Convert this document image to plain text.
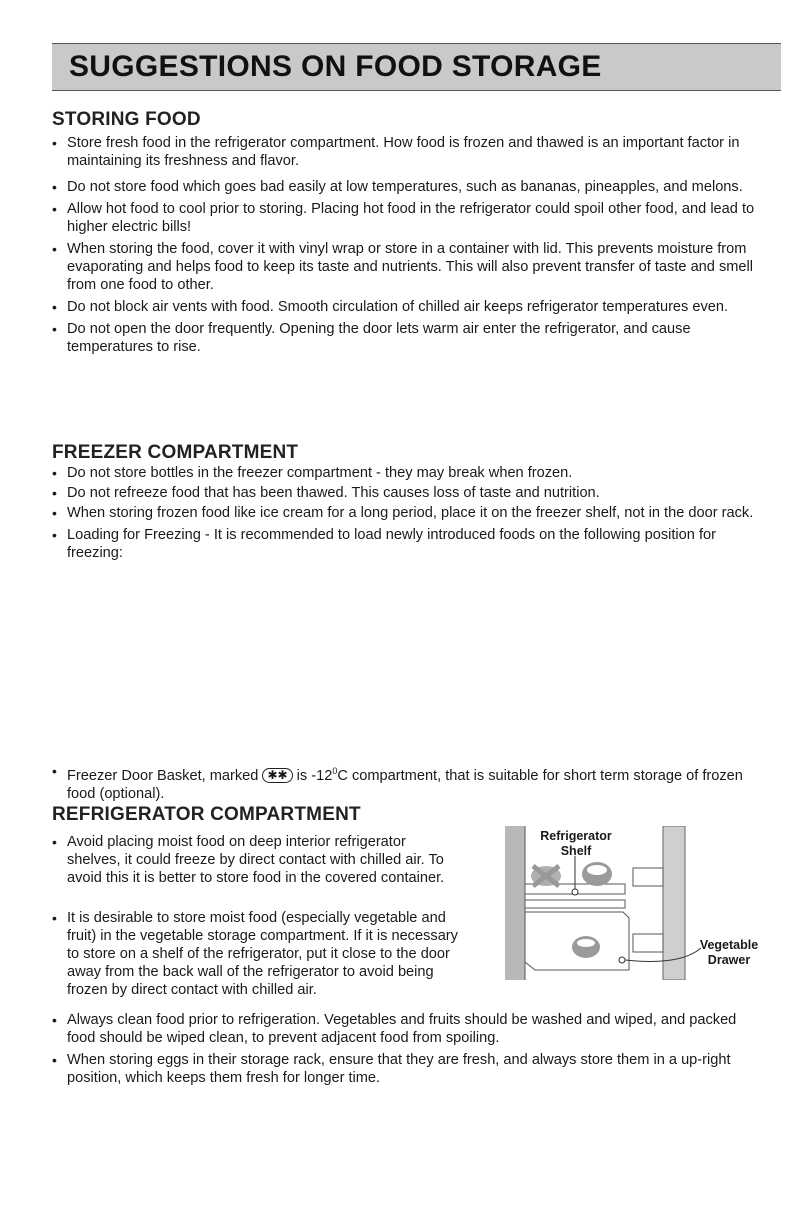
SUGGESTIONS ON FOOD STORAGE
STORING FOOD
• Store fresh food in the refrigerator compartment. How food is frozen and thawed is an important factor in maintaining its freshness and flavor.
• Do not store food which goes bad easily at low temperatures, such as bananas, pineapples, and melons.
• Allow hot food to cool prior to storing. Placing hot food in the refrigerator could spoil other food, and lead to higher electric bills!
• When storing the food, cover it with vinyl wrap or store in a container with lid. This prevents moisture from evaporating and helps food to keep its taste and nutrients. This will also prevent transfer of taste and smell from one food to other.
• Do not block air vents with food. Smooth circulation of chilled air keeps refrigerator temperatures even.
• Do not open the door frequently. Opening the door lets warm air enter the refrigerator, and cause temperatures to rise.
FREEZER COMPARTMENT
• Do not store bottles in the freezer compartment - they may break when frozen.
• Do not refreeze food that has been thawed. This causes loss of taste and nutrition.
• When storing frozen food like ice cream for a long period, place it on the freezer shelf, not in the door rack.
• Loading for Freezing - It is recommended to load newly introduced foods on the following position for freezing:
• Freezer Door Basket, marked ✱✱ is $-12^0C$ compartment, that is suitable for short term storage of frozen food (optional).
REFRIGERATOR COMPARTMENT
• Avoid placing moist food on deep interior refrigerator shelves, it could freeze by direct contact with chilled air. To avoid this it is better to store food in the covered container.
• It is desirable to store moist food (especially vegetable and fruit) in the vegetable storage compartment. If it is necessary to store on a shelf of the refrigerator, put it close to the door away from the back wall of the refrigerator to avoid being frozen by direct contact with chilled air.
• Always clean food prior to refrigeration. Vegetables and fruits should be washed and wiped, and packed food should be wiped clean, to prevent adjacent food from spoiling.
• When storing eggs in their storage rack, ensure that they are fresh, and always store them in a up-right position, which keeps them fresh for longer time.
Refrigerator
Shelf
Vegetable
Drawer
